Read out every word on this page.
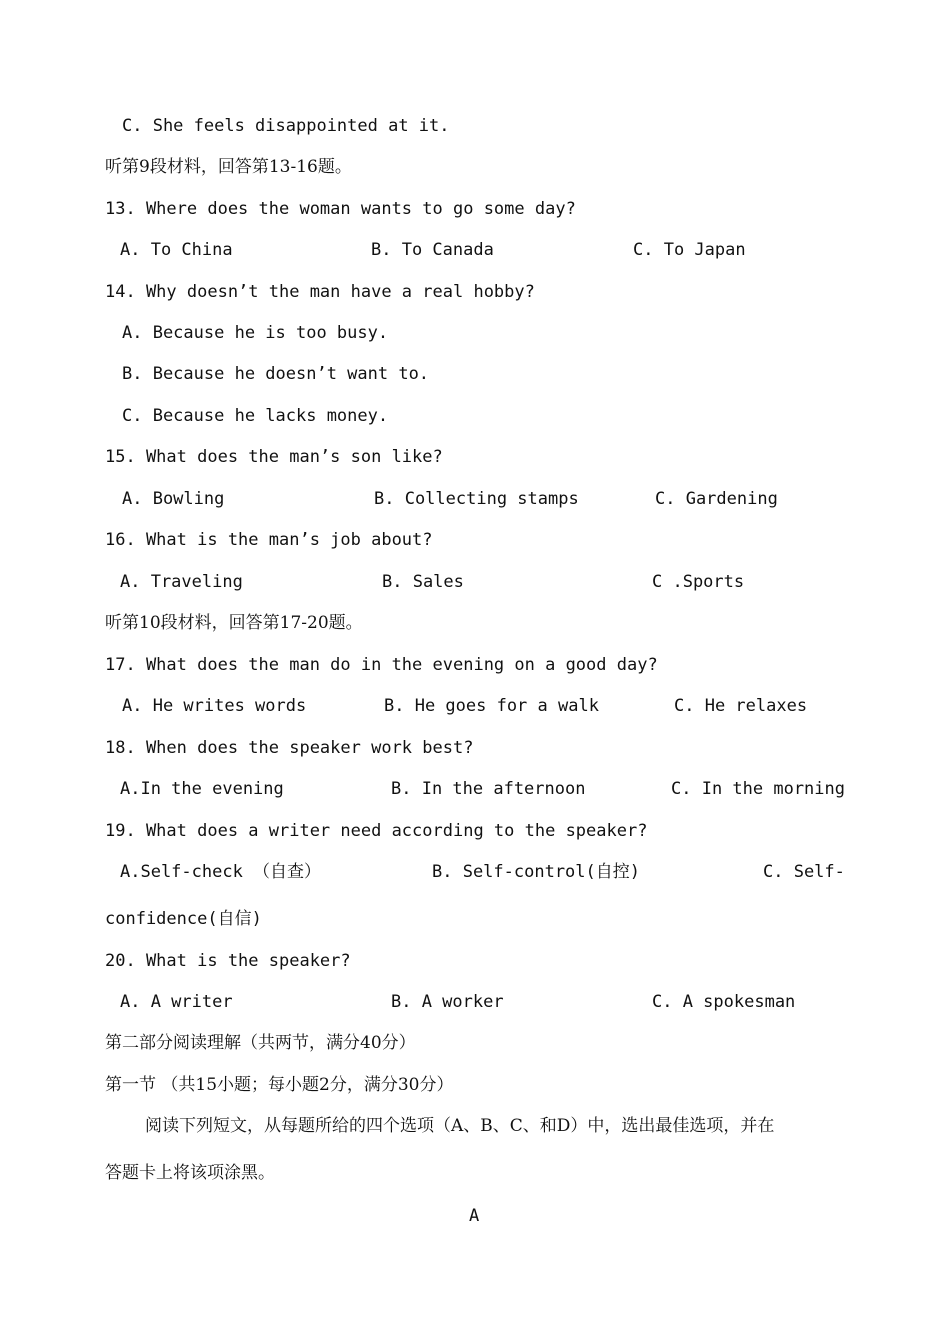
C. She feels disappointed at it.
听第9段材料，回答第13-16题。
13. Where does the woman wants to go some day?
A. To China	B. To Canada	C. To Japan
14. Why doesn’t the man have a real hobby?
A. Because he is too busy.
B. Because he doesn’t want to.
C. Because he lacks money.
15. What does the man’s son like?
A. Bowling	B. Collecting stamps	C. Gardening
16. What is the man’s job about?
A. Traveling	B. Sales	C .Sports
听第10段材料，回答第17-20题。
17. What does the man do in the evening on a good day?
A. He writes words	B. He goes for a walk	C. He relaxes
18. When does the speaker work best?
A.In the evening	B. In the afternoon	C. In the morning
19. What does a writer need according to the speaker?
A.Self-check （自查）	B. Self-control(自控)	C. Self-
confidence(自信)
20. What is the speaker?
A. A writer	B. A worker	C. A spokesman
第二部分阅读理解（共两节，满分40分）
第一节 （共15小题；每小题2分，满分30分）
阅读下列短文，从每题所给的四个选项（A、B、C、和D）中，选出最佳选项，并在
答题卡上将该项涂黑。
A
